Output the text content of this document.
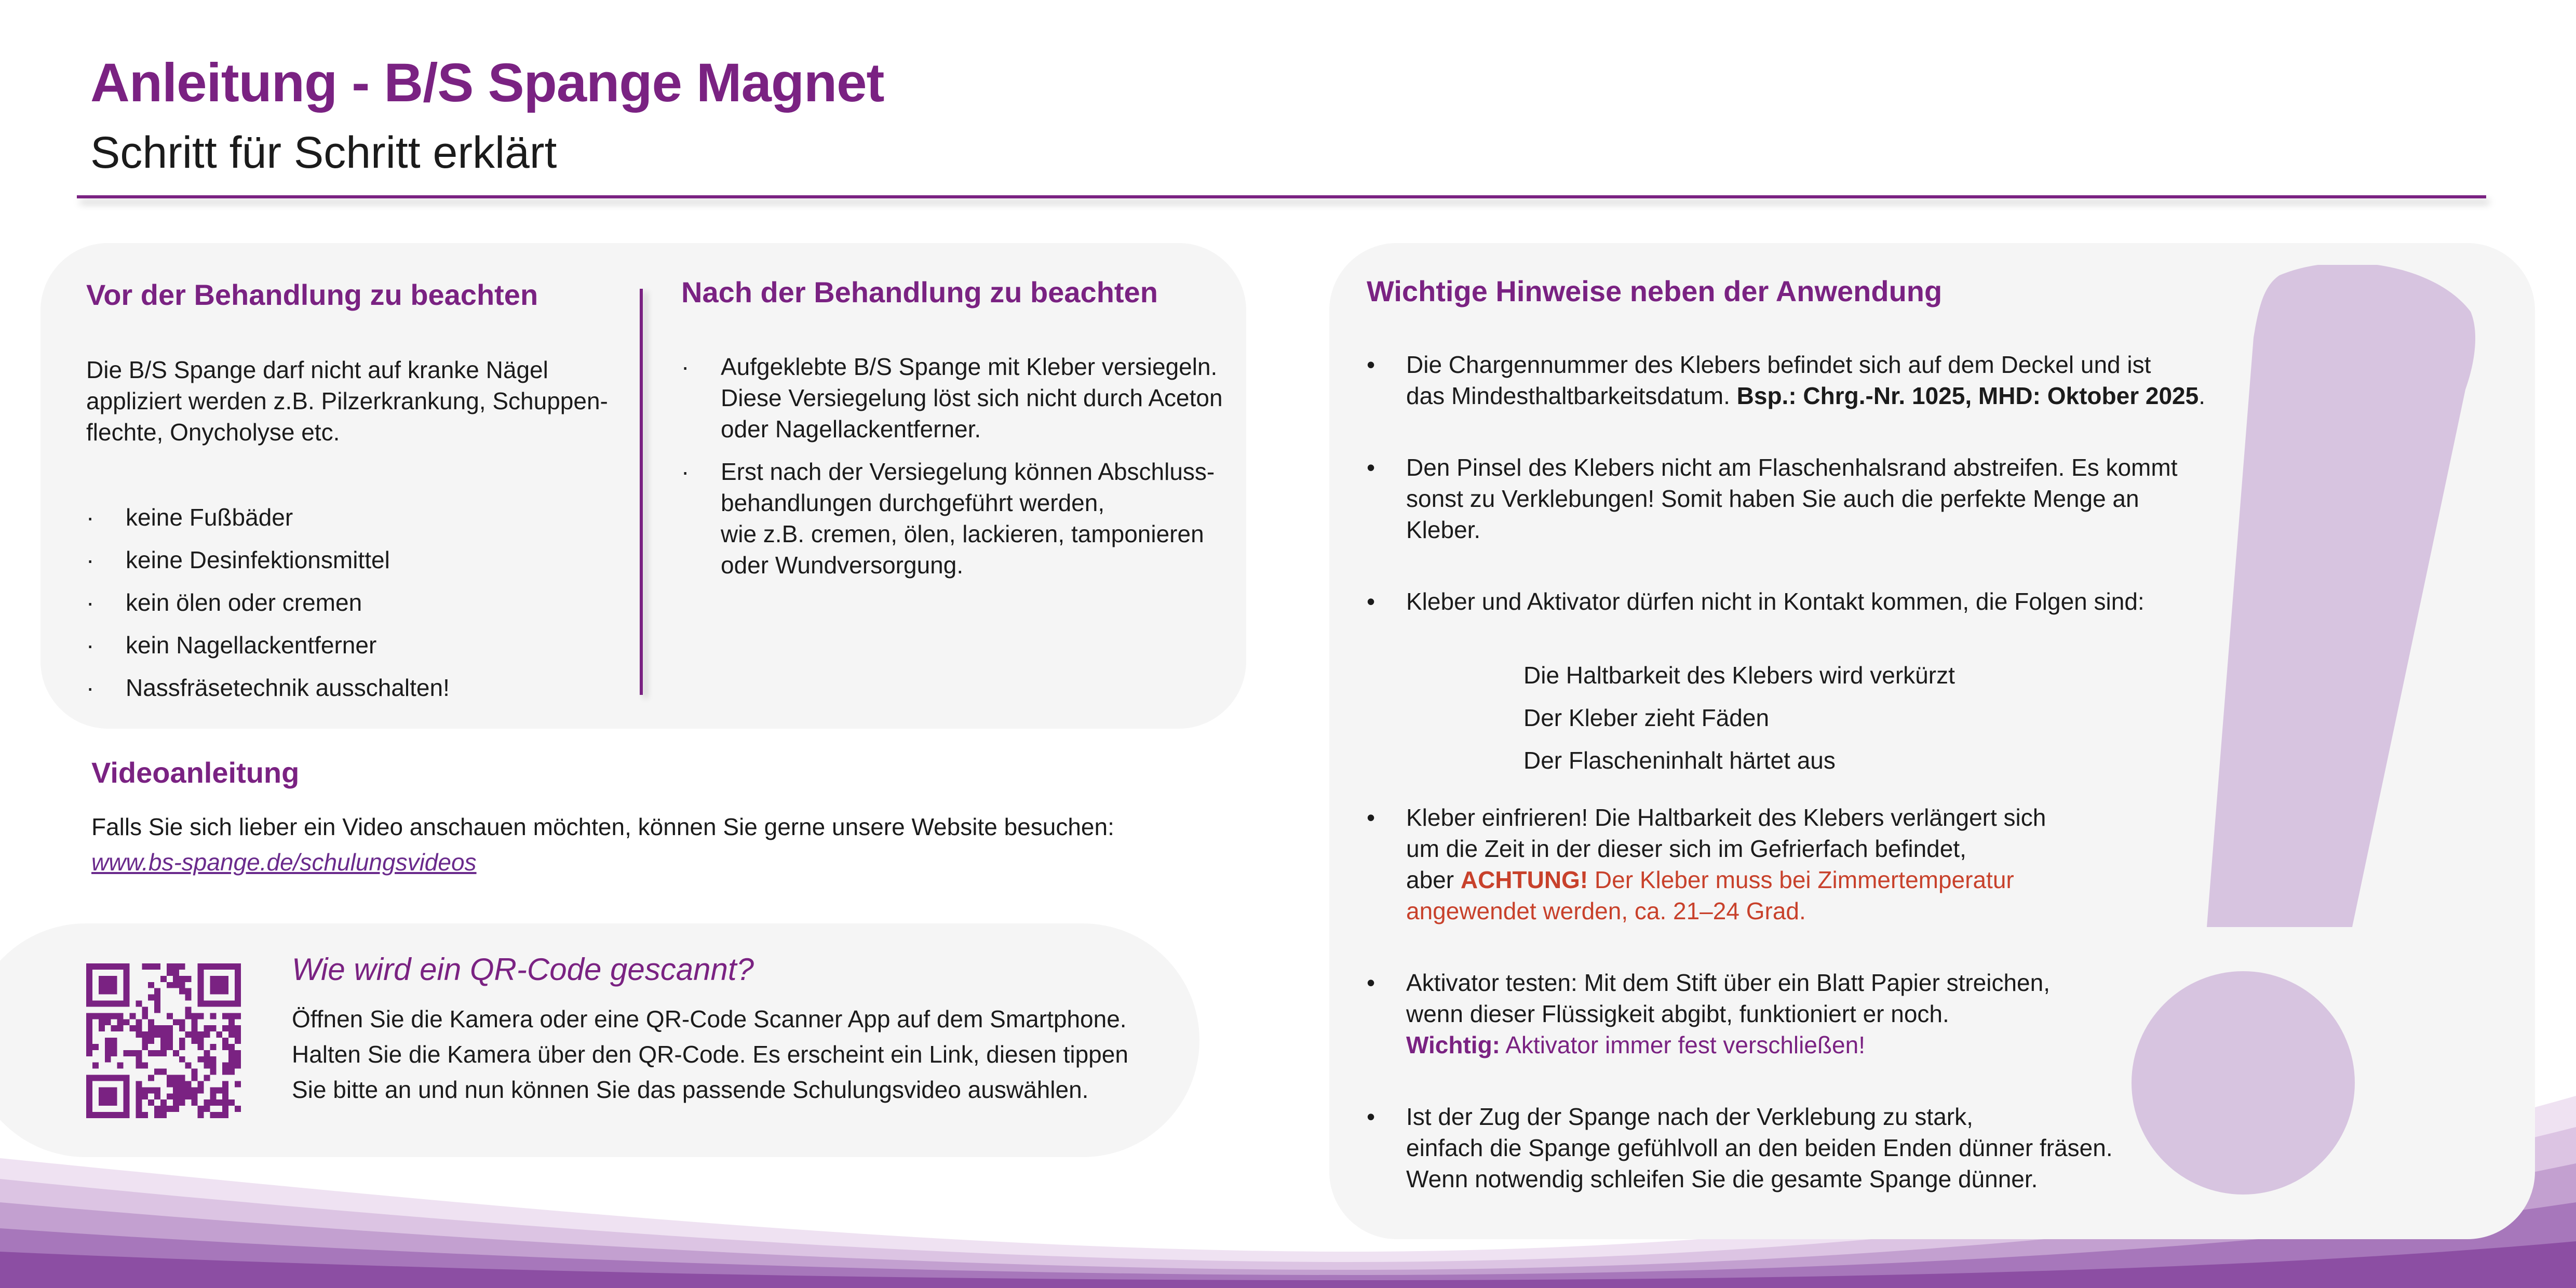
Anleitung - B/S Spange Magnet
Schritt für Schritt erklärt
Vor der Behandlung zu beachten
Die B/S Spange darf nicht auf kranke Nägel
appliziert werden z.B. Pilzerkrankung, Schuppen-
flechte, Onycholyse etc.
· keine Fußbäder
· keine Desinfektionsmittel
· kein ölen oder cremen
· kein Nagellackentferner
· Nassfräsetechnik ausschalten!
Nach der Behandlung zu beachten
· Aufgeklebte B/S Spange mit Kleber versiegeln.
Diese Versiegelung löst sich nicht durch Aceton
oder Nagellackentferner.
· Erst nach der Versiegelung können Abschluss-
behandlungen durchgeführt werden,
wie z.B. cremen, ölen, lackieren, tamponieren
oder Wundversorgung.
Videoanleitung
Falls Sie sich lieber ein Video anschauen möchten, können Sie gerne unsere Website besuchen:
www.bs-spange.de/schulungsvideos
Wie wird ein QR-Code gescannt?
Öffnen Sie die Kamera oder eine QR-Code Scanner App auf dem Smartphone.
Halten Sie die Kamera über den QR-Code. Es erscheint ein Link, diesen tippen
Sie bitte an und nun können Sie das passende Schulungsvideo auswählen.
Wichtige Hinweise neben der Anwendung
• Die Chargennummer des Klebers befindet sich auf dem Deckel und ist
das Mindesthaltbarkeitsdatum. Bsp.: Chrg.-Nr. 1025, MHD: Oktober 2025.
• Den Pinsel des Klebers nicht am Flaschenhalsrand abstreifen. Es kommt
sonst zu Verklebungen! Somit haben Sie auch die perfekte Menge an
Kleber.
• Kleber und Aktivator dürfen nicht in Kontakt kommen, die Folgen sind:
Die Haltbarkeit des Klebers wird verkürzt
Der Kleber zieht Fäden
Der Flascheninhalt härtet aus
• Kleber einfrieren! Die Haltbarkeit des Klebers verlängert sich
um die Zeit in der dieser sich im Gefrierfach befindet,
aber ACHTUNG! Der Kleber muss bei Zimmertemperatur
angewendet werden, ca. 21–24 Grad.
• Aktivator testen: Mit dem Stift über ein Blatt Papier streichen,
wenn dieser Flüssigkeit abgibt, funktioniert er noch.
Wichtig: Aktivator immer fest verschließen!
• Ist der Zug der Spange nach der Verklebung zu stark,
einfach die Spange gefühlvoll an den beiden Enden dünner fräsen.
Wenn notwendig schleifen Sie die gesamte Spange dünner.
